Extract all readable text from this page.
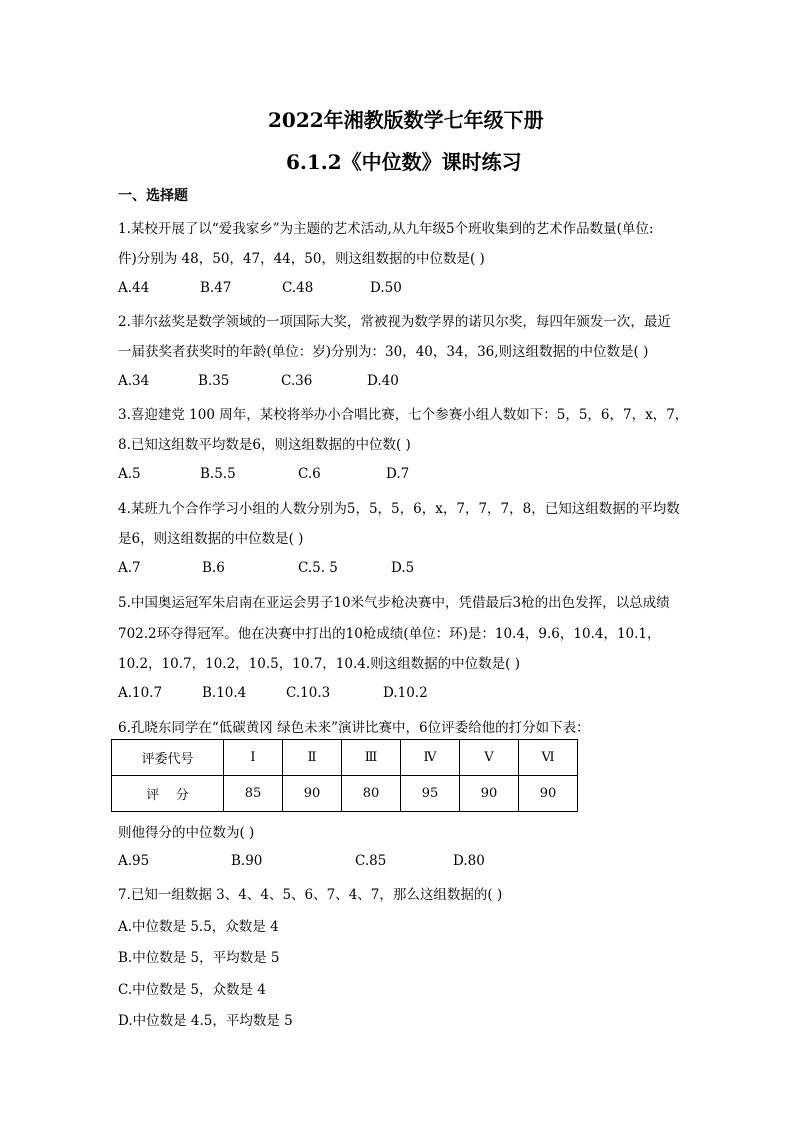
2022年湘教版数学七年级下册
6.1.2《中位数》课时练习
一、选择题
1.某校开展了以“爱我家乡”为主题的艺术活动,从九年级5个班收集到的艺术作品数量(单位:
件)分别为 48，50，47，44，50，则这组数据的中位数是( )
A.44	B.47	C.48	D.50
2.菲尔兹奖是数学领域的一项国际大奖，常被视为数学界的诺贝尔奖，每四年颁发一次，最近
一届获奖者获奖时的年龄(单位：岁)分别为：30，40，34，36,则这组数据的中位数是( )
A.34	B.35	C.36	D.40
3.喜迎建党 100 周年，某校将举办小合唱比赛，七个参赛小组人数如下：5，5，6，7，x，7，
8.已知这组数平均数是6，则这组数据的中位数( )
A.5	B.5.5	C.6	D.7
4.某班九个合作学习小组的人数分别为5，5，5，6，x，7，7，7，8，已知这组数据的平均数
是6，则这组数据的中位数是( )
A.7	B.6	C.5. 5	D.5
5.中国奥运冠军朱启南在亚运会男子10米气步枪决赛中，凭借最后3枪的出色发挥，以总成绩
702.2环夺得冠军。他在决赛中打出的10枪成绩(单位：环)是：10.4，9.6，10.4，10.1，
10.2，10.7，10.2，10.5，10.7，10.4.则这组数据的中位数是( )
A.10.7	B.10.4	C.10.3	D.10.2
6.孔晓东同学在“低碳黄冈 绿色未来”演讲比赛中，6位评委给他的打分如下表：
评委代号	Ⅰ	Ⅱ	Ⅲ	Ⅳ	Ⅴ	Ⅵ
评    分	85	90	80	95	90	90
则他得分的中位数为( )
A.95	B.90	C.85	D.80
7.已知一组数据 3、4、4、5、6、7、4、7，那么这组数据的( )
A.中位数是 5.5，众数是 4
B.中位数是 5，平均数是 5
C.中位数是 5，众数是 4
D.中位数是 4.5，平均数是 5
